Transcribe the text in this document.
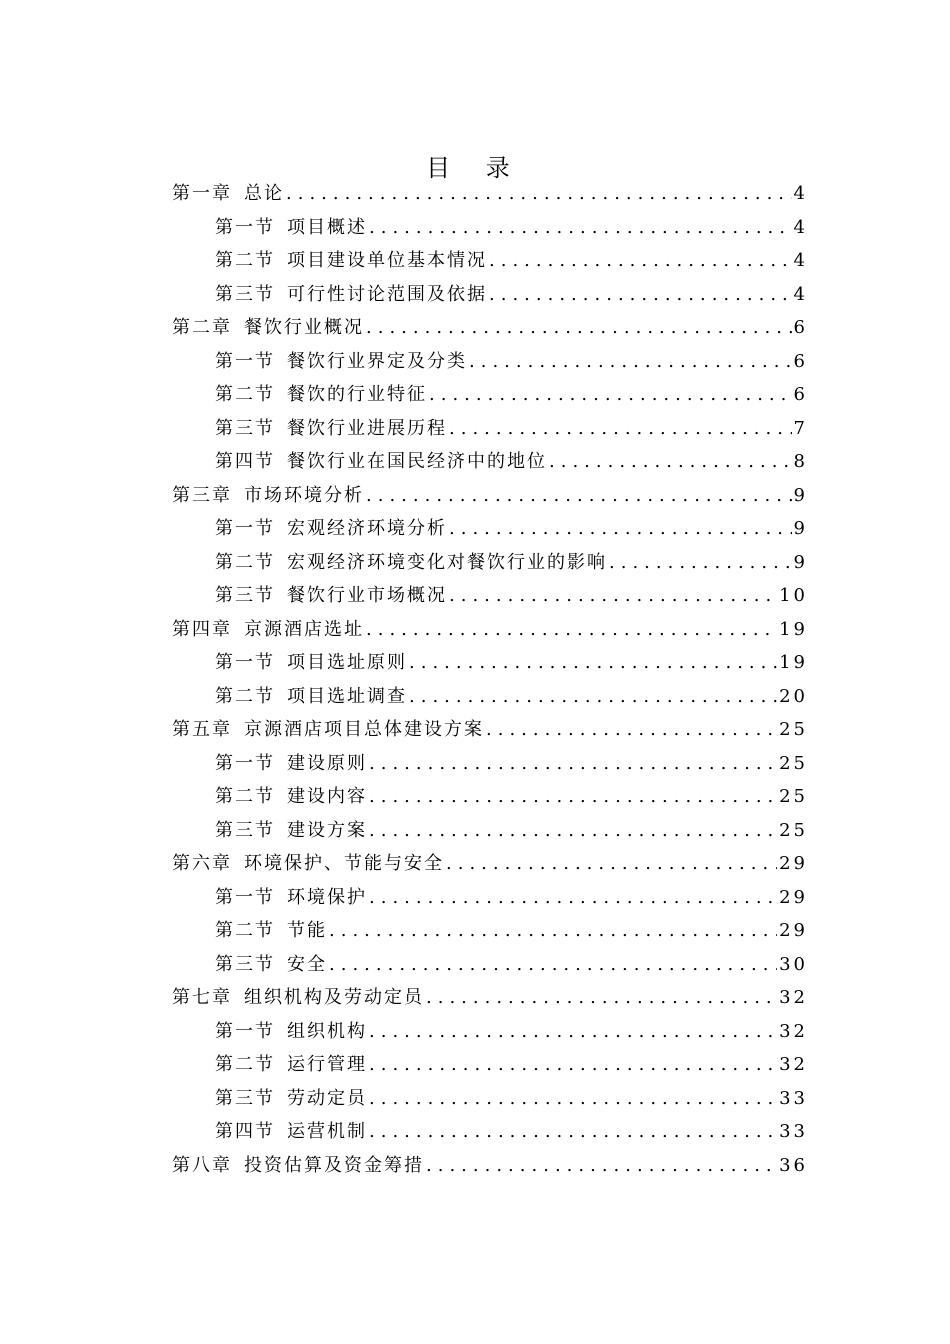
目 录
第一章 总论 .....	4
第一节 项目概述 .....	4
第二节 项目建设单位基本情况 .....	4
第三节 可行性讨论范围及依据 .....	4
第二章 餐饮行业概况 .....	6
第一节 餐饮行业界定及分类 .....	6
第二节 餐饮的行业特征 .....	6
第三节 餐饮行业进展历程 .....	7
第四节 餐饮行业在国民经济中的地位 .....	8
第三章 市场环境分析 .....	9
第一节 宏观经济环境分析 .....	9
第二节 宏观经济环境变化对餐饮行业的影响 .....	9
第三节 餐饮行业市场概况 .....	10
第四章 京源酒店选址 .....	19
第一节 项目选址原则 .....	19
第二节 项目选址调查 .....	20
第五章 京源酒店项目总体建设方案 .....	25
第一节 建设原则 .....	25
第二节 建设内容 .....	25
第三节 建设方案 .....	25
第六章 环境保护、节能与安全 .....	29
第一节 环境保护 .....	29
第二节 节能 .....	29
第三节 安全 .....	30
第七章 组织机构及劳动定员 .....	32
第一节 组织机构 .....	32
第二节 运行管理 .....	32
第三节 劳动定员 .....	33
第四节 运营机制 .....	33
第八章 投资估算及资金筹措 .....	36
